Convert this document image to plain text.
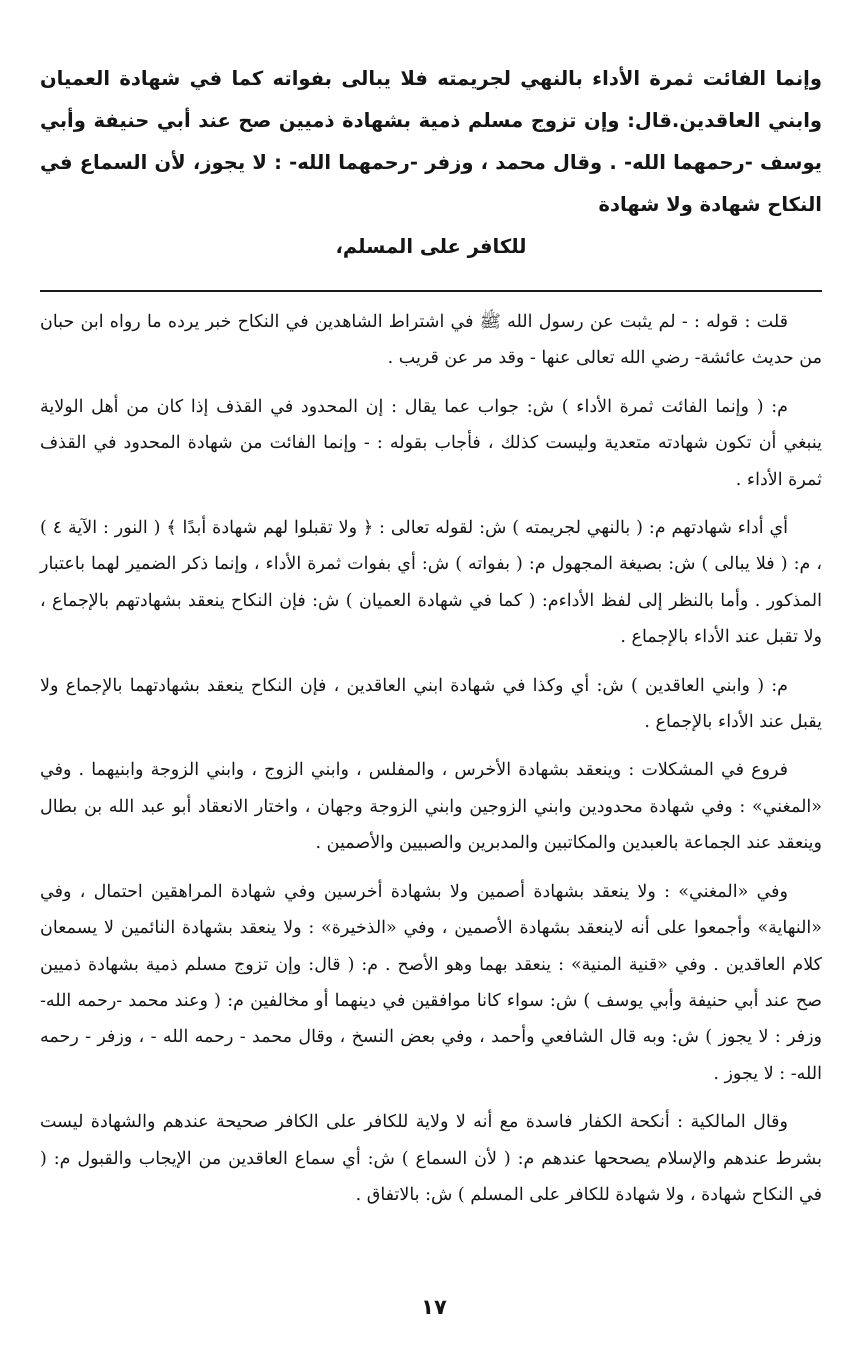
وإنما الفائت ثمرة الأداء بالنهي لجريمته فلا يبالى بفواته كما في شهادة العميان وابني العاقدين.قال: وإن تزوج مسلم ذمية بشهادة ذميين صح عند أبي حنيفة وأبي يوسف -رحمهما الله- . وقال محمد ، وزفر -رحمهما الله- : لا يجوز، لأن السماع في النكاح شهادة ولا شهادة
للكافر على المسلم،

قلت : قوله : - لم يثبت عن رسول الله ﷺ في اشتراط الشاهدين في النكاح خبر يرده ما رواه ابن حبان من حديث عائشة- رضي الله تعالى عنها - وقد مر عن قريب .

م: ( وإنما الفائت ثمرة الأداء ) ش: جواب عما يقال : إن المحدود في القذف إذا كان من أهل الولاية ينبغي أن تكون شهادته متعدية وليست كذلك ، فأجاب بقوله : - وإنما الفائت من شهادة المحدود في القذف ثمرة الأداء .

أي أداء شهادتهم م: ( بالنهي لجريمته ) ش: لقوله تعالى : ﴿ ولا تقبلوا لهم شهادة أبدًا ﴾ ( النور : الآية ٤ ) ، م: ( فلا يبالى ) ش: بصيغة المجهول م: ( بفواته ) ش: أي بفوات ثمرة الأداء ، وإنما ذكر الضمير لهما باعتبار المذكور . وأما بالنظر إلى لفظ الأداءم: ( كما في شهادة العميان ) ش: فإن النكاح ينعقد بشهادتهم بالإجماع ، ولا تقبل عند الأداء بالإجماع .

م: ( وابني العاقدين ) ش: أي وكذا في شهادة ابني العاقدين ، فإن النكاح ينعقد بشهادتهما بالإجماع ولا يقبل عند الأداء بالإجماع .

فروع في المشكلات : وينعقد بشهادة الأخرس ، والمفلس ، وابني الزوج ، وابني الزوجة وابنيهما . وفي «المغني» : وفي شهادة محدودين وابني الزوجين وابني الزوجة وجهان ، واختار الانعقاد أبو عبد الله بن بطال وينعقد عند الجماعة بالعبدين والمكاتبين والمدبرين والصبيين والأصمين .

وفي «المغني» : ولا ينعقد بشهادة أصمين ولا بشهادة أخرسين وفي شهادة المراهقين احتمال ، وفي «النهاية» وأجمعوا على أنه لاينعقد بشهادة الأصمين ، وفي «الذخيرة» : ولا ينعقد بشهادة النائمين لا يسمعان كلام العاقدين . وفي «قنية المنية» : ينعقد بهما وهو الأصح . م: ( قال: وإن تزوج مسلم ذمية بشهادة ذميين صح عند أبي حنيفة وأبي يوسف ) ش: سواء كانا موافقين في دينهما أو مخالفين م: ( وعند محمد -رحمه الله- وزفر : لا يجوز ) ش: وبه قال الشافعي وأحمد ، وفي بعض النسخ ، وقال محمد - رحمه الله - ، وزفر - رحمه الله- : لا يجوز .

وقال المالكية : أنكحة الكفار فاسدة مع أنه لا ولاية للكافر على الكافر صحيحة عندهم والشهادة ليست بشرط عندهم والإسلام يصححها عندهم م: ( لأن السماع ) ش: أي سماع العاقدين من الإيجاب والقبول م: ( في النكاح شهادة ، ولا شهادة للكافر على المسلم ) ش: بالاتفاق .

١٧
